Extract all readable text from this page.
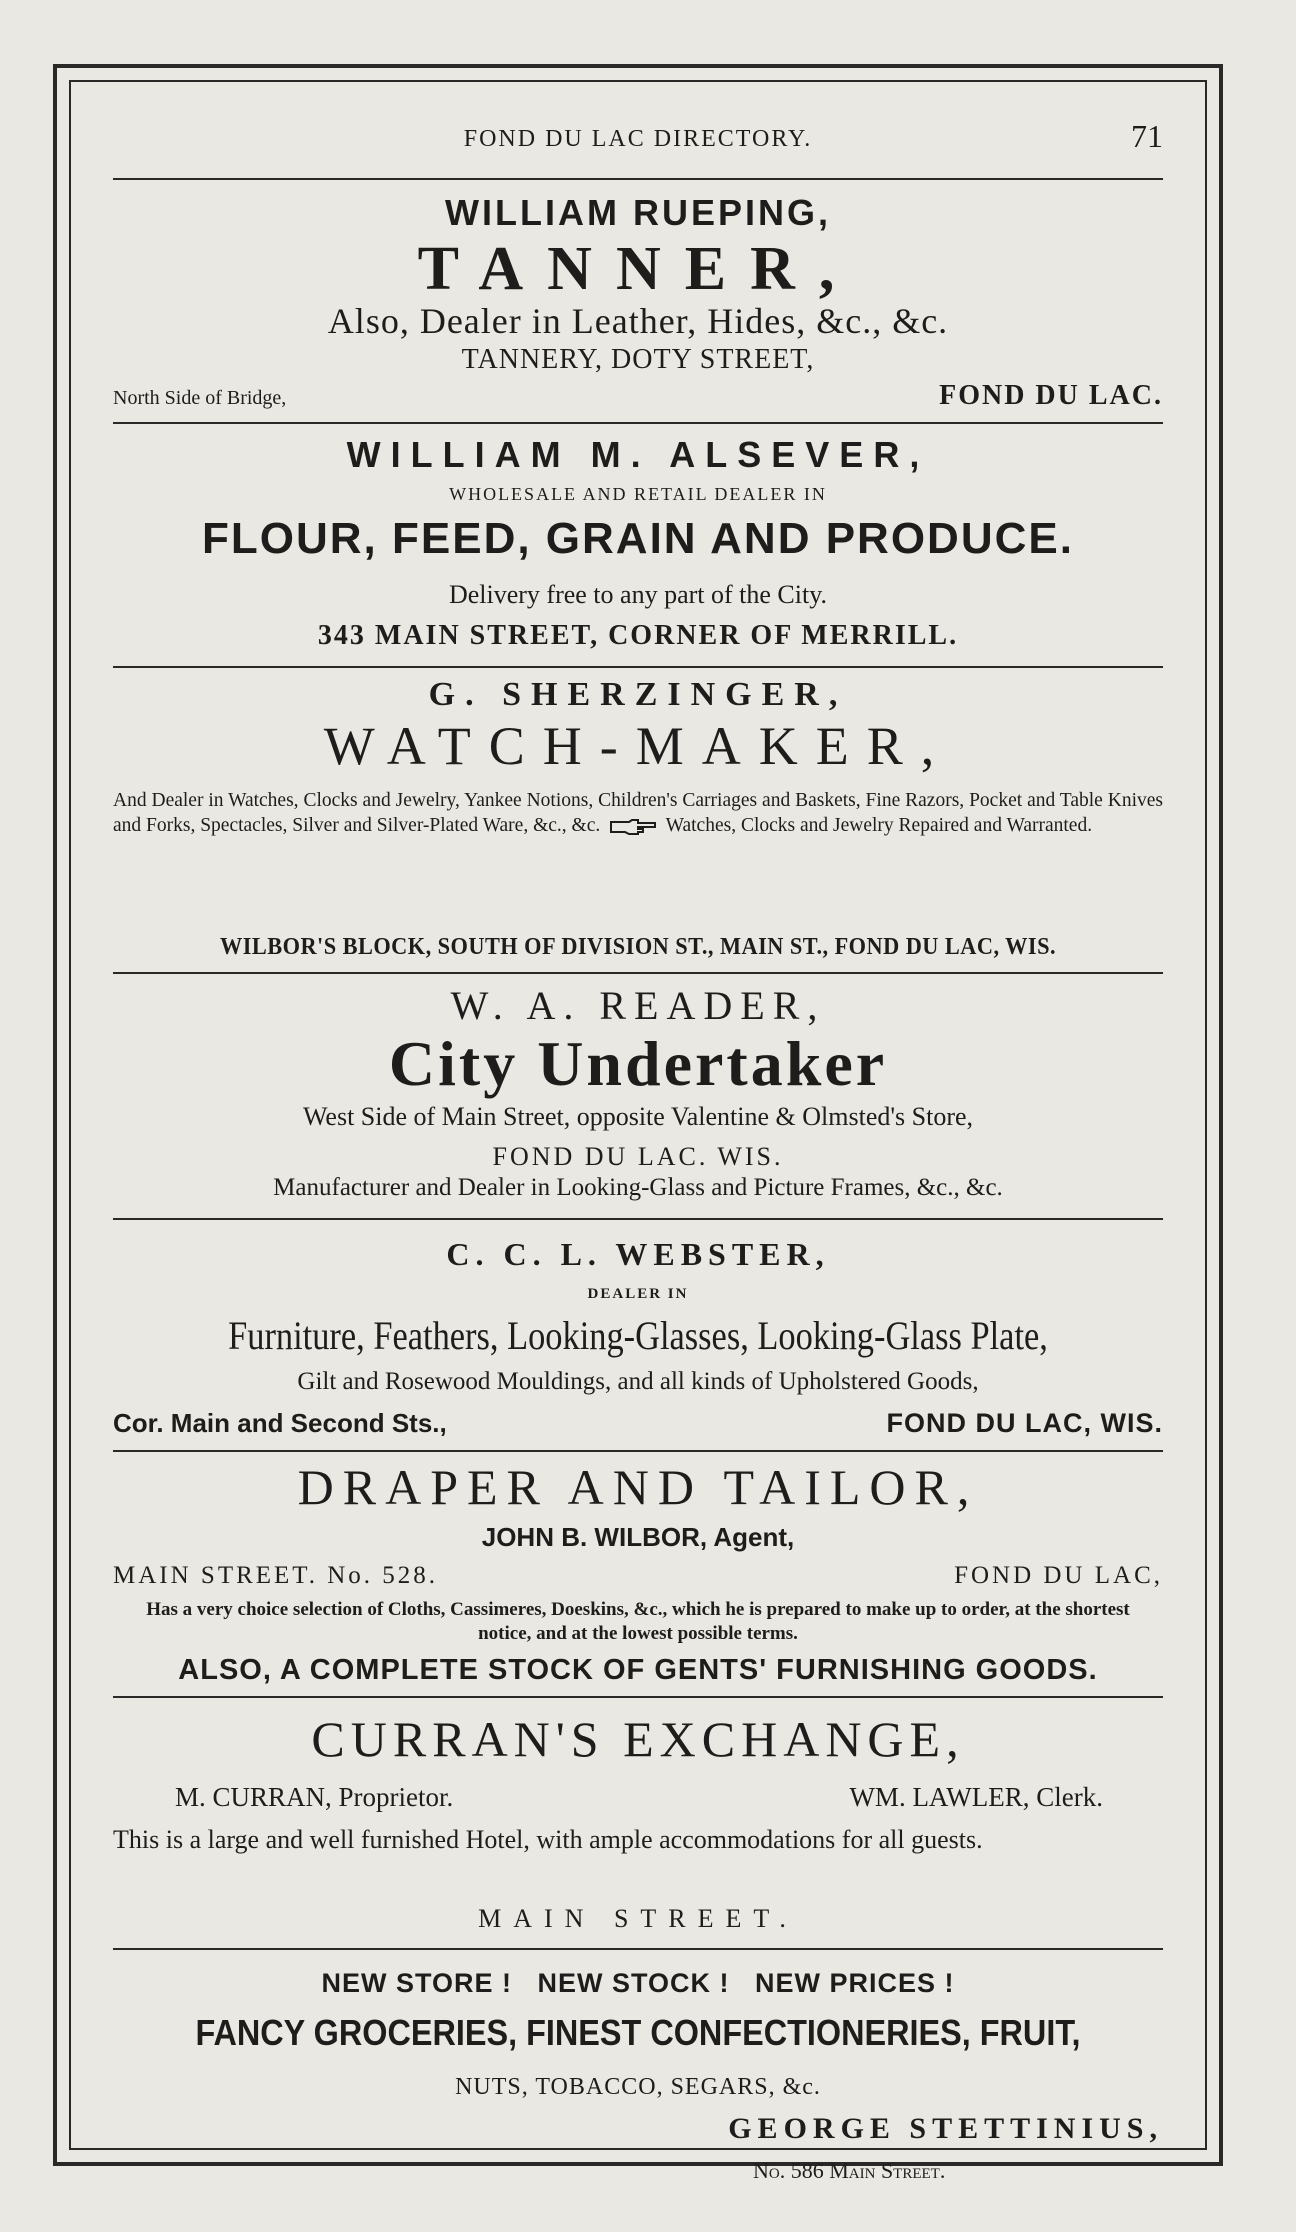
FOND DU LAC DIRECTORY.	71
WILLIAM RUEPING,
TANNER,
Also, Dealer in Leather, Hides, &c., &c.
TANNERY, DOTY STREET,
North Side of Bridge,	FOND DU LAC.
WILLIAM M. ALSEVER,
WHOLESALE AND RETAIL DEALER IN
FLOUR, FEED, GRAIN AND PRODUCE.
Delivery free to any part of the City.
343 MAIN STREET, CORNER OF MERRILL.
G. SHERZINGER,
WATCH-MAKER,
And Dealer in Watches, Clocks and Jewelry, Yankee Notions, Children's Carriages and Baskets, Fine Razors, Pocket and Table Knives and Forks, Spectacles, Silver and Silver-Plated Ware, &c., &c.	Watches, Clocks and Jewelry Repaired and Warranted.
WILBOR'S BLOCK, SOUTH OF DIVISION ST., MAIN ST., FOND DU LAC, WIS.
W. A. READER,
City Undertaker
West Side of Main Street, opposite Valentine & Olmsted's Store,
FOND DU LAC. WIS.
Manufacturer and Dealer in Looking-Glass and Picture Frames, &c., &c.
C. C. L. WEBSTER,
DEALER IN
Furniture, Feathers, Looking-Glasses, Looking-Glass Plate,
Gilt and Rosewood Mouldings, and all kinds of Upholstered Goods,
Cor. Main and Second Sts.,	FOND DU LAC, WIS.
DRAPER AND TAILOR,
JOHN B. WILBOR, Agent,
MAIN STREET. No. 528.	FOND DU LAC,
Has a very choice selection of Cloths, Cassimeres, Doeskins, &c., which he is prepared to make up to order, at the shortest notice, and at the lowest possible terms.
ALSO, A COMPLETE STOCK OF GENTS' FURNISHING GOODS.
CURRAN'S EXCHANGE,
M. CURRAN, Proprietor.	WM. LAWLER, Clerk.
This is a large and well furnished Hotel, with ample accommodations for all guests.
MAIN STREET.
NEW STORE !   NEW STOCK !   NEW PRICES !
FANCY GROCERIES, FINEST CONFECTIONERIES, FRUIT,
NUTS, TOBACCO, SEGARS, &c.
GEORGE STETTINIUS,
No. 586 Main Street.
